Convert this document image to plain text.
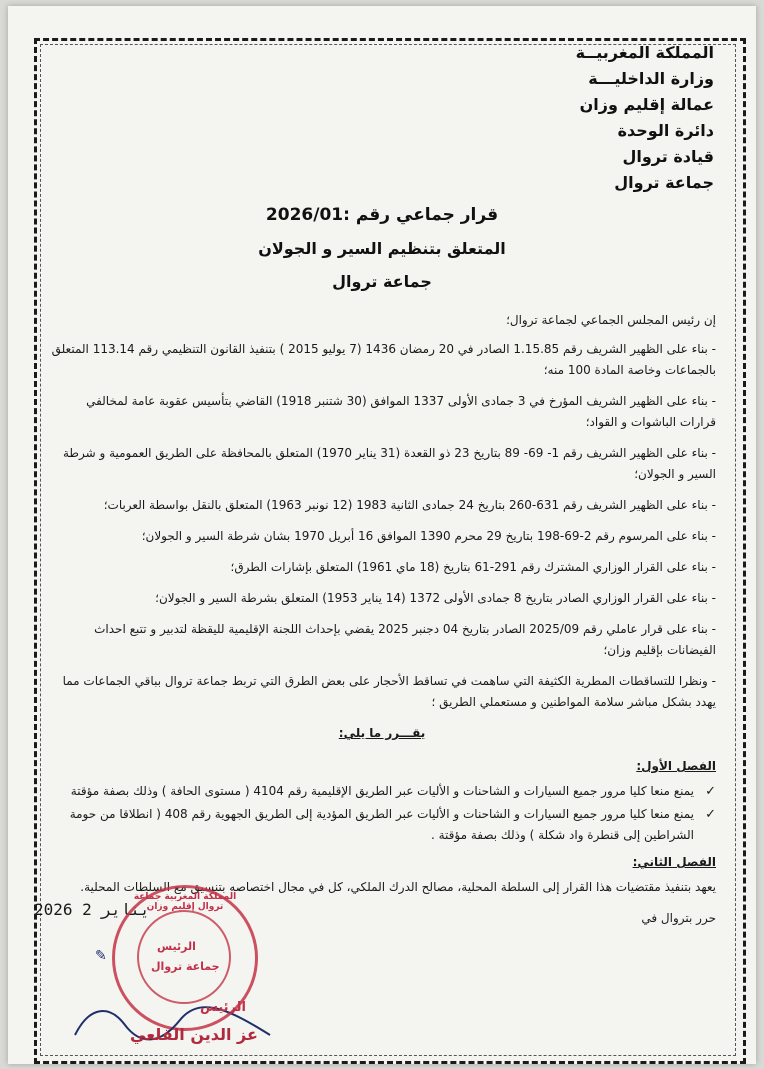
المملكة المغربيــة
وزارة الداخليـــة
عمالة إقليم وزان
دائرة الوحدة
قيادة تروال
جماعة تروال
قرار جماعي رقم :2026/01
المتعلق بتنظيم السير و الجولان
جماعة تروال
إن رئيس المجلس الجماعي لجماعة تروال؛
- بناء على الظهير الشريف رقم 1.15.85 الصادر في 20 رمضان 1436 (7 يوليو 2015 ) بتنفيذ القانون التنظيمي رقم 113.14 المتعلق بالجماعات وخاصة المادة 100 منه؛
- بناء على الظهير الشريف المؤرخ في 3 جمادى الأولى 1337 الموافق (30 شتنبر 1918) القاضي بتأسيس عقوبة عامة لمخالفي قرارات الباشوات و القواد؛
- بناء على الظهير الشريف رقم 1- 69- 89 بتاريخ 23 ذو القعدة (31 يناير 1970) المتعلق بالمحافظة على الطريق العمومية و شرطة السير و الجولان؛
- بناء على الظهير الشريف رقم 631-260 بتاريخ 24 جمادى الثانية 1983 (12 نونبر 1963) المتعلق بالنقل بواسطة العربات؛
- بناء على المرسوم رقم 2-69-198 بتاريخ 29 محرم 1390 الموافق 16 أبريل 1970 بشان شرطة السير و الجولان؛
- بناء على القرار الوزاري المشترك رقم 291-61 بتاريخ (18 ماي 1961) المتعلق بإشارات الطرق؛
- بناء على القرار الوزاري الصادر بتاريخ 8 جمادى الأولى 1372 (14 يناير 1953) المتعلق بشرطة السير و الجولان؛
- بناء على قرار عاملي رقم 2025/09 الصادر بتاريخ 04 دجنبر 2025 يقضي بإحداث اللجنة الإقليمية لليقظة لتدبير و تتبع احداث الفيضانات بإقليم وزان؛
- ونظرا للتساقطات المطرية الكثيفة التي ساهمت في تساقط الأحجار على بعض الطرق التي تربط جماعة تروال بباقي الجماعات مما يهدد بشكل مباشر سلامة المواطنين و مستعملي الطريق ؛
يقـــرر ما يلي:
الفصل الأول:
✓
يمنع منعا كليا مرور جميع السيارات و الشاحنات و الأليات عبر الطريق الإقليمية رقم 4104 ( مستوى الحافة ) وذلك بصفة مؤقتة
✓
يمنع منعا كليا مرور جميع السيارات و الشاحنات و الأليات عبر الطريق المؤدية إلى الطريق الجهوية رقم 408 ( انطلاقا من حومة الشراطين إلى قنطرة واد شكلة ) وذلك بصفة مؤقتة .
الفصل الثاني:
يعهد بتنفيذ مقتضيات هذا القرار إلى السلطة المحلية، مصالح الدرك الملكي، كل في مجال اختصاصه بتنسيق مع السلطات المحلية.
حرر بتروال في
2026 يناير 2
المملكة المغربية جماعة تروال إقليم وزان
الرئيس
جماعة تروال
✎
الرئيس
عز الدين القلعي
